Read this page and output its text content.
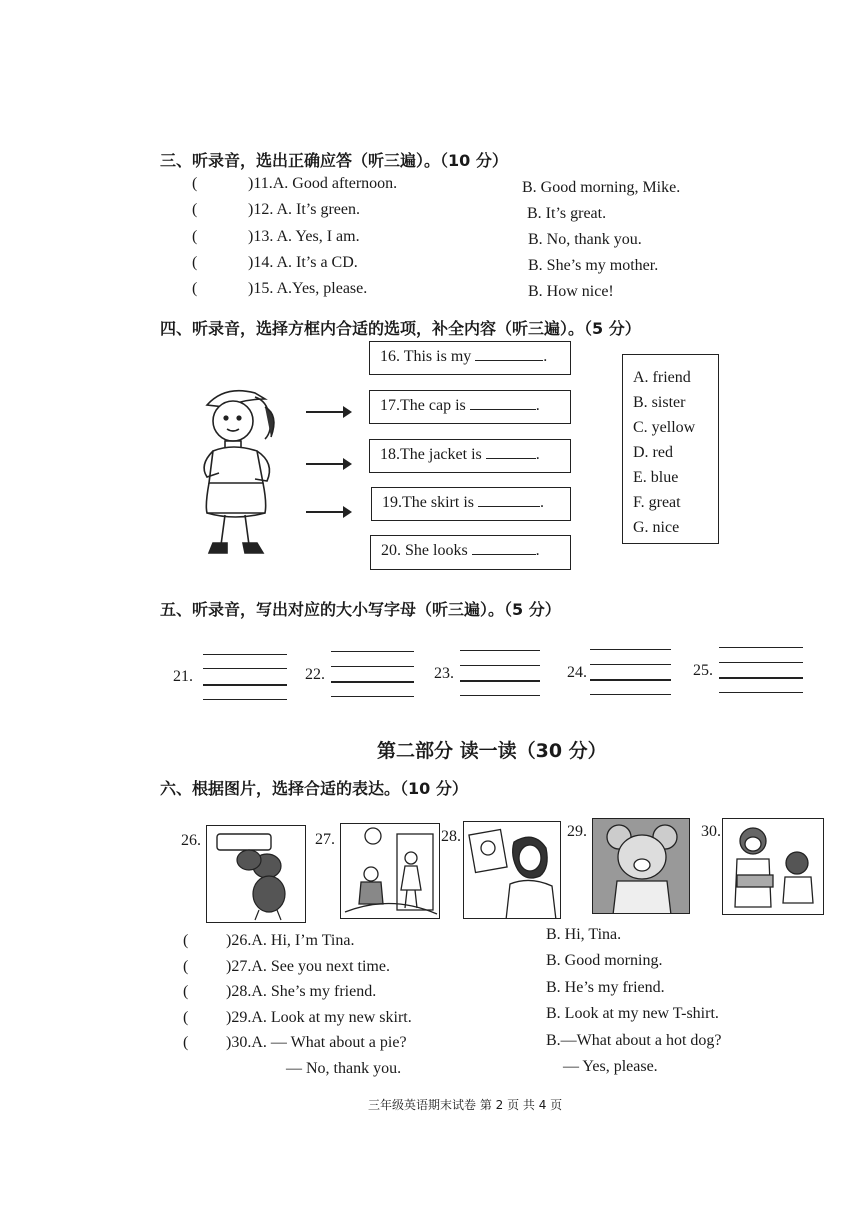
三、听录音，选出正确应答（听三遍）。（10 分）
(	)11.A. Good afternoon.	B. Good morning, Mike.
(	)12. A. It’s green.	B. It’s great.
(	)13. A. Yes, I am.	B. No, thank you.
(	)14. A. It’s a CD.	B. She’s my mother.
(	)15. A.Yes, please.	B. How nice!
四、听录音，选择方框内合适的选项，补全内容（听三遍）。（5 分）
16. This is my	.
17.The cap is	.
18.The jacket is	.
19.The skirt is	.
20. She looks	.
A. friend
B. sister
C. yellow
D. red
E. blue
F. great
G. nice
五、听录音，写出对应的大小写字母（听三遍）。（5 分）
21.	22.	23.	24.	25.
第二部分 读一读（30 分）
六、根据图片，选择合适的表达。（10 分）
26.	27.	28.	29.	30.
( )26.A. Hi, I’m Tina.	B. Hi, Tina.
( )27.A. See you next time.	B. Good morning.
( )28.A. She’s my friend.	B. He’s my friend.
( )29.A. Look at my new skirt.	B. Look at my new T-shirt.
( )30.A. — What about a pie?	B.—What about a hot dog?
— No, thank you.	— Yes, please.
三年级英语期末试卷 第 2 页 共 4 页
